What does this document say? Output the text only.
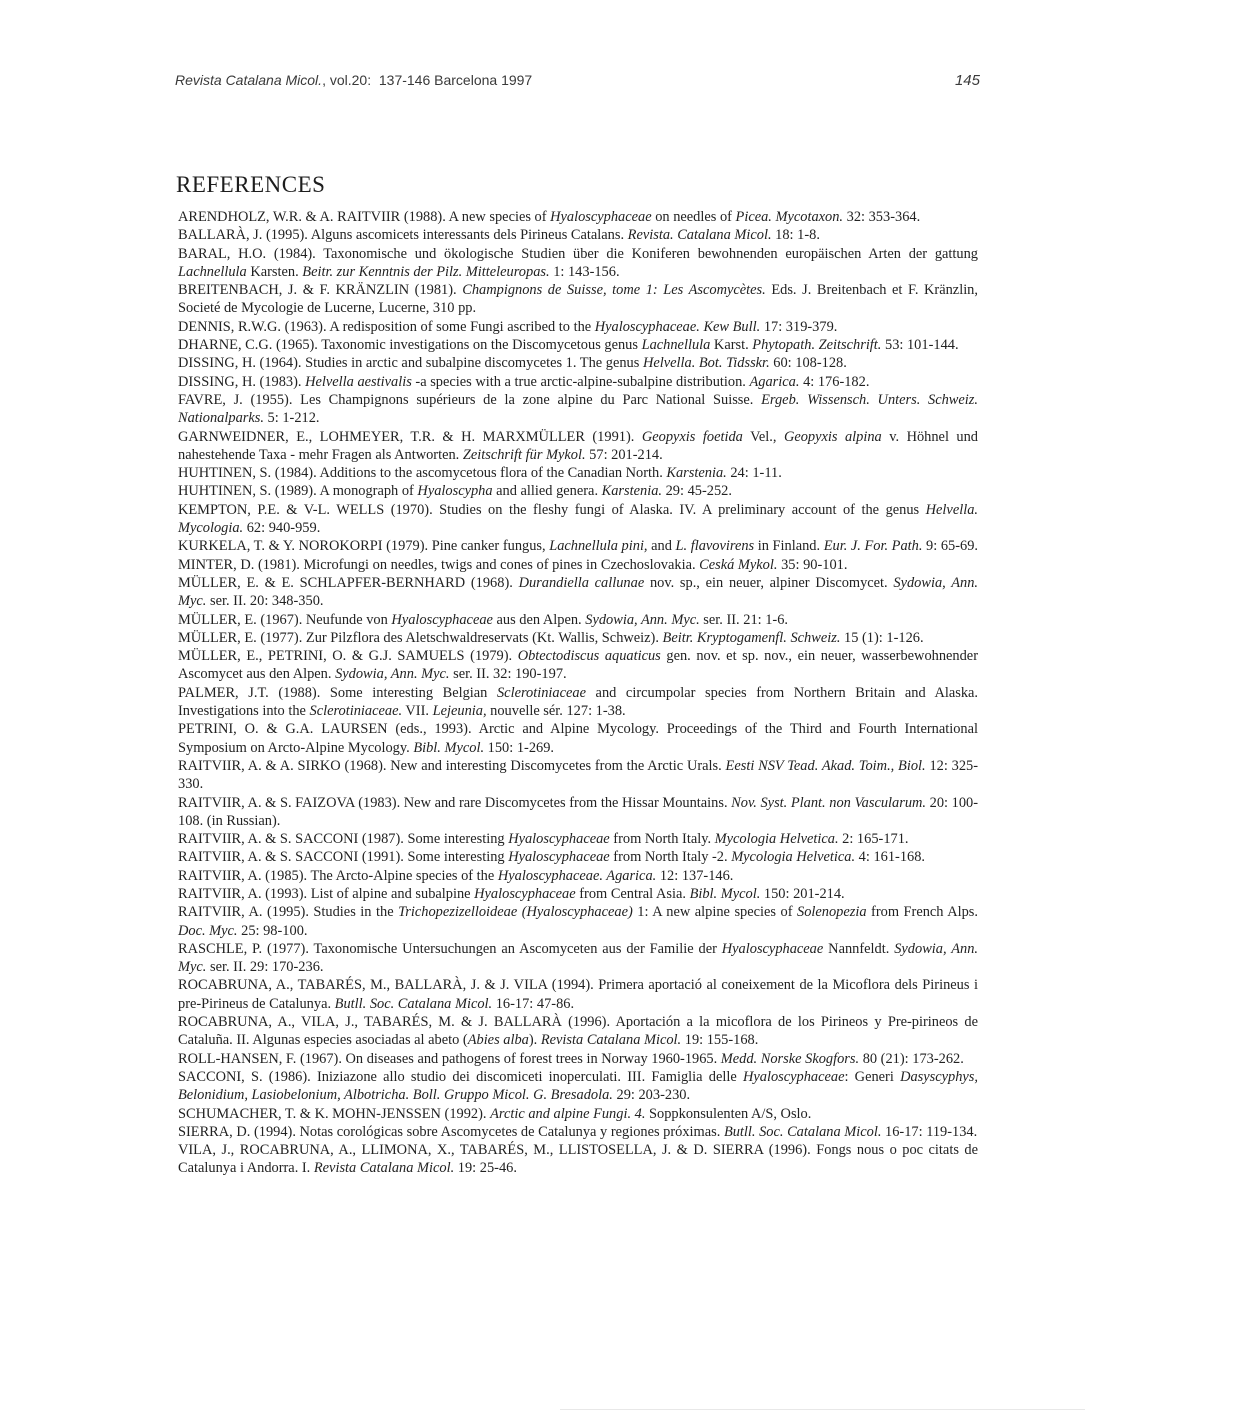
Revista Catalana Micol., vol.20: 137-146 Barcelona 1997	145
REFERENCES

ARENDHOLZ, W.R. & A. RAITVIIR (1988). A new species of Hyaloscyphaceae on needles of Picea. Mycotaxon. 32: 353-364.

BALLARÀ, J. (1995). Alguns ascomicets interessants dels Pirineus Catalans. Revista. Catalana Micol. 18: 1-8.

BARAL, H.O. (1984). Taxonomische und ökologische Studien über die Koniferen bewohnenden europäischen Arten der gattung Lachnellula Karsten. Beitr. zur Kenntnis der Pilz. Mitteleuropas. 1: 143-156.

BREITENBACH, J. & F. KRÄNZLIN (1981). Champignons de Suisse, tome 1: Les Ascomycètes. Eds. J. Breitenbach et F. Kränzlin, Societé de Mycologie de Lucerne, Lucerne, 310 pp.

DENNIS, R.W.G. (1963). A redisposition of some Fungi ascribed to the Hyaloscyphaceae. Kew Bull. 17: 319-379.

DHARNE, C.G. (1965). Taxonomic investigations on the Discomycetous genus Lachnellula Karst. Phytopath. Zeitschrift. 53: 101-144.

DISSING, H. (1964). Studies in arctic and subalpine discomycetes 1. The genus Helvella. Bot. Tidsskr. 60: 108-128.

DISSING, H. (1983). Helvella aestivalis -a species with a true arctic-alpine-subalpine distribution. Agarica. 4: 176-182.

FAVRE, J. (1955). Les Champignons supérieurs de la zone alpine du Parc National Suisse. Ergeb. Wissensch. Unters. Schweiz. Nationalparks. 5: 1-212.

GARNWEIDNER, E., LOHMEYER, T.R. & H. MARXMÜLLER (1991). Geopyxis foetida Vel., Geopyxis alpina v. Höhnel und nahestehende Taxa - mehr Fragen als Antworten. Zeitschrift für Mykol. 57: 201-214.

HUHTINEN, S. (1984). Additions to the ascomycetous flora of the Canadian North. Karstenia. 24: 1-11.

HUHTINEN, S. (1989). A monograph of Hyaloscypha and allied genera. Karstenia. 29: 45-252.

KEMPTON, P.E. & V-L. WELLS (1970). Studies on the fleshy fungi of Alaska. IV. A preliminary account of the genus Helvella. Mycologia. 62: 940-959.

KURKELA, T. & Y. NOROKORPI (1979). Pine canker fungus, Lachnellula pini, and L. flavovirens in Finland. Eur. J. For. Path. 9: 65-69.

MINTER, D. (1981). Microfungi on needles, twigs and cones of pines in Czechoslovakia. Ceská Mykol. 35: 90-101.

MÜLLER, E. & E. SCHLAPFER-BERNHARD (1968). Durandiella callunae nov. sp., ein neuer, alpiner Discomycet. Sydowia, Ann. Myc. ser. II. 20: 348-350.

MÜLLER, E. (1967). Neufunde von Hyaloscyphaceae aus den Alpen. Sydowia, Ann. Myc. ser. II. 21: 1-6.

MÜLLER, E. (1977). Zur Pilzflora des Aletschwaldreservats (Kt. Wallis, Schweiz). Beitr. Kryptogamenfl. Schweiz. 15 (1): 1-126.

MÜLLER, E., PETRINI, O. & G.J. SAMUELS (1979). Obtectodiscus aquaticus gen. nov. et sp. nov., ein neuer, wasserbewohnender Ascomycet aus den Alpen. Sydowia, Ann. Myc. ser. II. 32: 190-197.

PALMER, J.T. (1988). Some interesting Belgian Sclerotiniaceae and circumpolar species from Northern Britain and Alaska. Investigations into the Sclerotiniaceae. VII. Lejeunia, nouvelle sér. 127: 1-38.

PETRINI, O. & G.A. LAURSEN (eds., 1993). Arctic and Alpine Mycology. Proceedings of the Third and Fourth International Symposium on Arcto-Alpine Mycology. Bibl. Mycol. 150: 1-269.

RAITVIIR, A. & A. SIRKO (1968). New and interesting Discomycetes from the Arctic Urals. Eesti NSV Tead. Akad. Toim., Biol. 12: 325-330.

RAITVIIR, A. & S. FAIZOVA (1983). New and rare Discomycetes from the Hissar Mountains. Nov. Syst. Plant. non Vascularum. 20: 100-108. (in Russian).

RAITVIIR, A. & S. SACCONI (1987). Some interesting Hyaloscyphaceae from North Italy. Mycologia Helvetica. 2: 165-171.

RAITVIIR, A. & S. SACCONI (1991). Some interesting Hyaloscyphaceae from North Italy -2. Mycologia Helvetica. 4: 161-168.

RAITVIIR, A. (1985). The Arcto-Alpine species of the Hyaloscyphaceae. Agarica. 12: 137-146.

RAITVIIR, A. (1993). List of alpine and subalpine Hyaloscyphaceae from Central Asia. Bibl. Mycol. 150: 201-214.

RAITVIIR, A. (1995). Studies in the Trichopezizelloideae (Hyaloscyphaceae) 1: A new alpine species of Solenopezia from French Alps. Doc. Myc. 25: 98-100.

RASCHLE, P. (1977). Taxonomische Untersuchungen an Ascomyceten aus der Familie der Hyaloscyphaceae Nannfeldt. Sydowia, Ann. Myc. ser. II. 29: 170-236.

ROCABRUNA, A., TABARÉS, M., BALLARÀ, J. & J. VILA (1994). Primera aportació al coneixement de la Micoflora dels Pirineus i pre-Pirineus de Catalunya. Butll. Soc. Catalana Micol. 16-17: 47-86.

ROCABRUNA, A., VILA, J., TABARÉS, M. & J. BALLARÀ (1996). Aportación a la micoflora de los Pirineos y Pre-pirineos de Cataluña. II. Algunas especies asociadas al abeto (Abies alba). Revista Catalana Micol. 19: 155-168.

ROLL-HANSEN, F. (1967). On diseases and pathogens of forest trees in Norway 1960-1965. Medd. Norske Skogfors. 80 (21): 173-262.

SACCONI, S. (1986). Iniziazone allo studio dei discomiceti inoperculati. III. Famiglia delle Hyaloscyphaceae: Generi Dasyscyphys, Belonidium, Lasiobelonium, Albotricha. Boll. Gruppo Micol. G. Bresadola. 29: 203-230.

SCHUMACHER, T. & K. MOHN-JENSSEN (1992). Arctic and alpine Fungi. 4. Soppkonsulenten A/S, Oslo.

SIERRA, D. (1994). Notas corológicas sobre Ascomycetes de Catalunya y regiones próximas. Butll. Soc. Catalana Micol. 16-17: 119-134.

VILA, J., ROCABRUNA, A., LLIMONA, X., TABARÉS, M., LLISTOSELLA, J. & D. SIERRA (1996). Fongs nous o poc citats de Catalunya i Andorra. I. Revista Catalana Micol. 19: 25-46.
